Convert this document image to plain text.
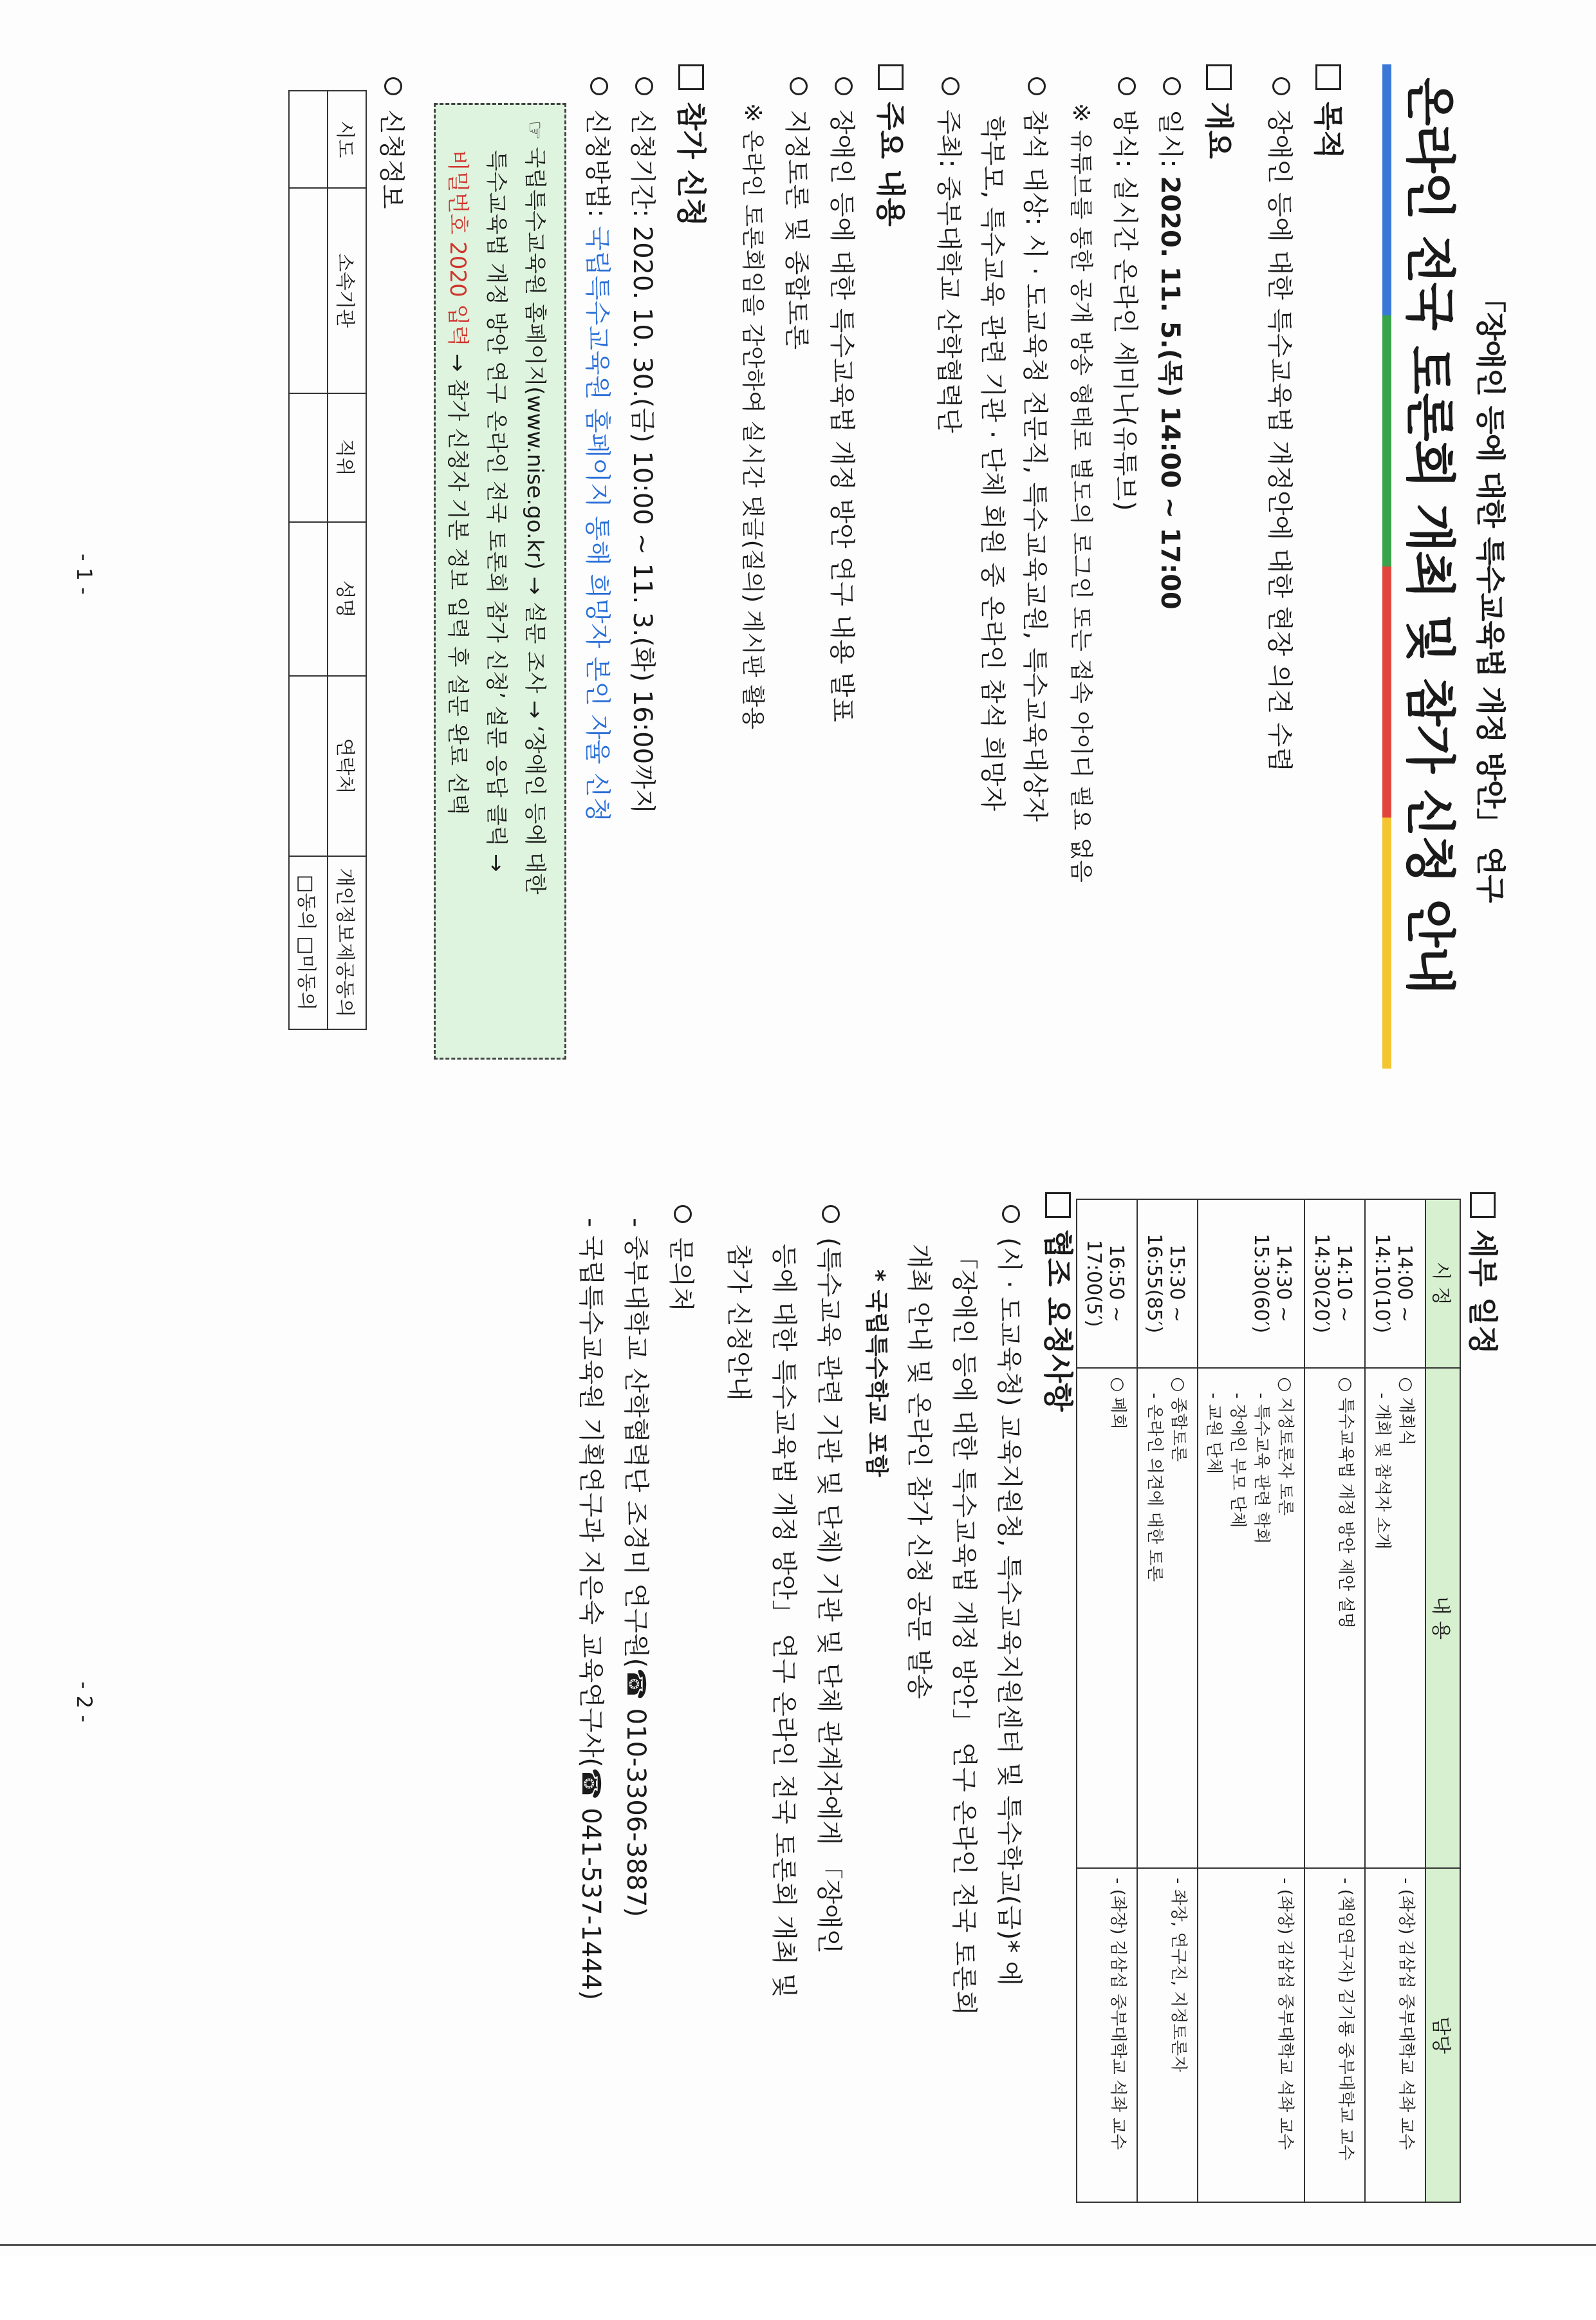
「장애인 등에 대한 특수교육법 개정 방안」 연구
온라인 전국 토론회 개최 및 참가 신청 안내
목적
장애인 등에 대한 특수교육법 개정안에 대한 현장 의견 수렴
개요
일시: 2020. 11. 5.(목) 14:00 ~ 17:00
방식: 실시간 온라인 세미나(유튜브)
※ 유튜브를 통한 공개 방송 형태로 별도의 로그인 또는 접속 아이디 필요 없음
참석 대상: 시 · 도교육청 전문직, 특수교육교원, 특수교육대상자
학부모, 특수교육 관련 기관 · 단체 회원 중 온라인 참석 희망자
주최: 중부대학교 산학협력단
주요 내용
장애인 등에 대한 특수교육법 개정 방안 연구 내용 발표
지정토론 및 종합토론
※ 온라인 토론회임을 감안하여 실시간 댓글(질의) 게시판 활용
참가 신청
신청기간: 2020. 10. 30.(금) 10:00 ~ 11. 3.(화) 16:00까지
신청방법: 국립특수교육원 홈페이지 통해 희망자 본인 자율 신청

☞ 국립특수교육원 홈페이지(www.nise.go.kr) → 설문 조사 → ‘장애인 등에 대한

특수교육법 개정 방안 연구 온라인 전국 토론회 참가 신청’ 설문 응답 클릭 →

비밀번호 2020 입력 → 참가 신청자 기본 정보 입력 후 설문 완료 선택

신청정보
시도	소속기관	직위	성명	연락처	개인정보제공동의
					□동의 □미동의
- 1 -
세부 일정
시 정	내 용	담당
14:00 ~ 14:10(10′)	○ 개회식
- 개회 및 참석자 소개	- (좌장) 김삼섭 중부대학교 석좌 교수
14:10 ~ 14:30(20′)	○ 특수교육법 개정 방안 제안 설명	- (책임연구자) 김기룡 중부대학교 교수
14:30 ~ 15:30(60′)	○ 지정토론자 토론
- 특수교육 관련 학회
- 장애인 부모 단체
- 교원 단체	- (좌장) 김삼섭 중부대학교 석좌 교수
15:30 ~ 16:55(85′)	○ 종합토론
- 온라인 의견에 대한 토론	- 좌장, 연구진, 지정토론자
16:50 ~ 17:00(5′)	○ 폐회	- (좌장) 김삼섭 중부대학교 석좌 교수
협조 요청사항
(시 · 도교육청) 교육지원청, 특수교육지원센터 및 특수학교(급)* 에
「장애인 등에 대한 특수교육법 개정 방안」 연구 온라인 전국 토론회
개최 안내 및 온라인 참가 신청 공문 발송
* 국립특수학교 포함
(특수교육 관련 기관 및 단체) 기관 및 단체 관계자에게 「장애인
등에 대한 특수교육법 개정 방안」 연구 온라인 전국 토론회 개최 및
참가 신청안내
문의처
- 중부대학교 산학협력단 조경미 연구원(☎ 010-3306-3887)
- 국립특수교육원 기획연구과 지은숙 교육연구사(☎ 041-537-1444)
- 2 -
